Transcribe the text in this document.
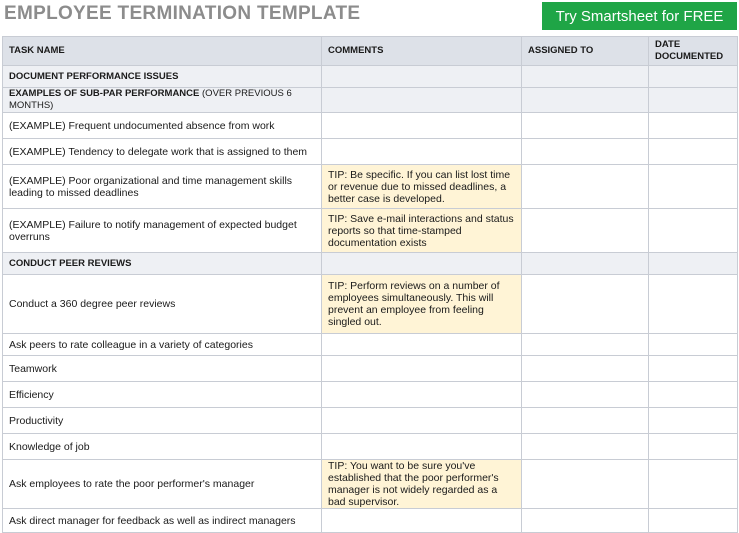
EMPLOYEE TERMINATION TEMPLATE	Try Smartsheet for FREE
TASK NAME	COMMENTS	ASSIGNED TO	DATE DOCUMENTED
DOCUMENT PERFORMANCE ISSUES			
EXAMPLES OF SUB-PAR PERFORMANCE (OVER PREVIOUS 6 MONTHS)			
(EXAMPLE) Frequent undocumented absence from work			
(EXAMPLE) Tendency to delegate work that is assigned to them			
(EXAMPLE) Poor organizational and time management skills leading to missed deadlines	TIP: Be specific. If you can list lost time or revenue due to missed deadlines, a better case is developed.		
(EXAMPLE) Failure to notify management of expected budget overruns	TIP: Save e-mail interactions and status reports so that time-stamped documentation exists		
CONDUCT PEER REVIEWS			
Conduct a 360 degree peer reviews	TIP: Perform reviews on a number of employees simultaneously. This will prevent an employee from feeling singled out.		
Ask peers to rate colleague in a variety of categories			
Teamwork			
Efficiency			
Productivity			
Knowledge of job			
Ask employees to rate the poor performer's manager	TIP: You want to be sure you've established that the poor performer's manager is not widely regarded as a bad supervisor.		
Ask direct manager for feedback as well as indirect managers			
